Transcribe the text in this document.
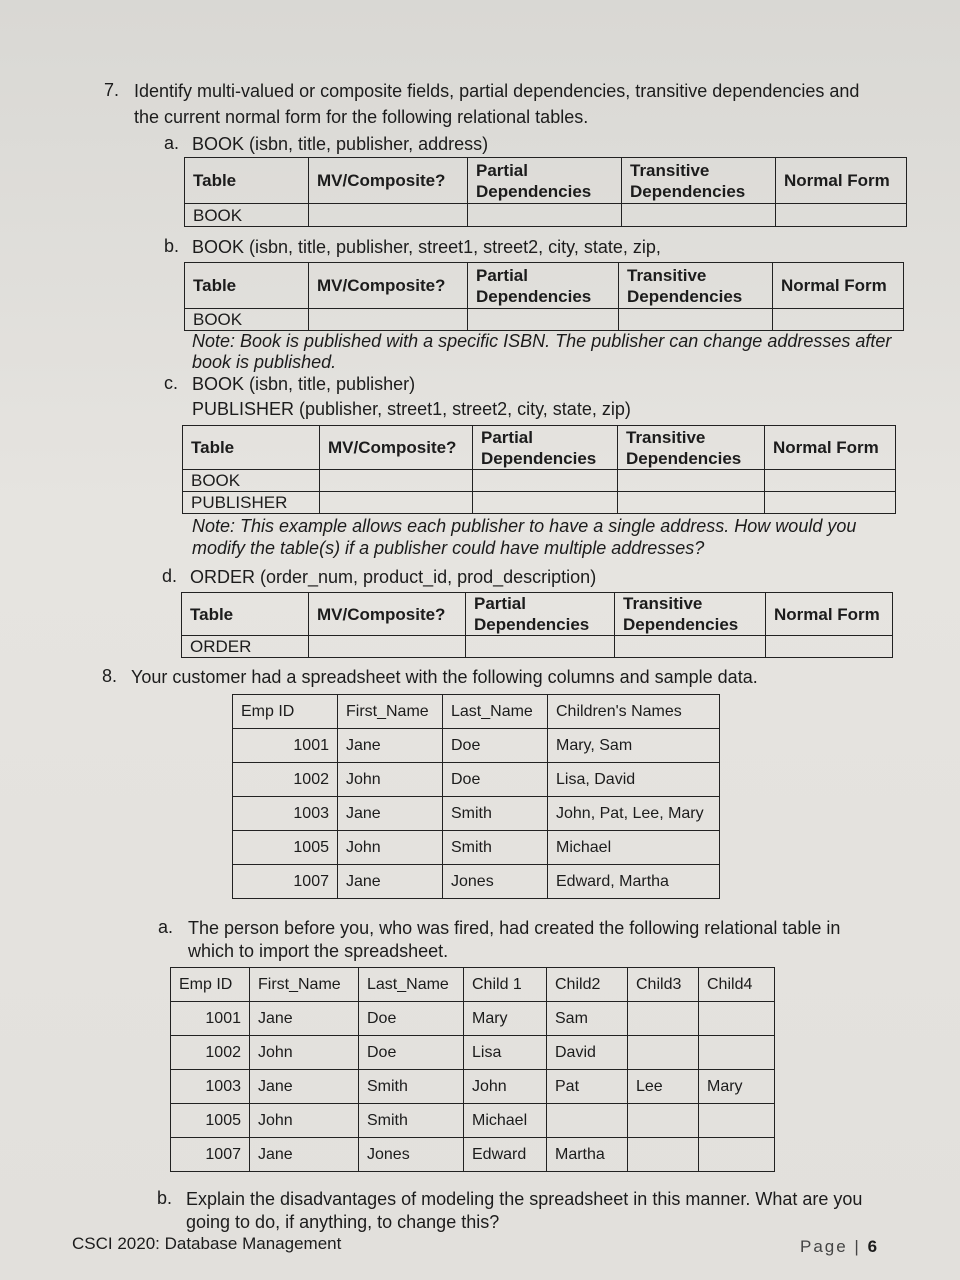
7. Identify multi-valued or composite fields, partial dependencies, transitive dependencies and
the current normal form for the following relational tables.
a. BOOK (isbn, title, publisher, address)
Table	MV/Composite?	Partial Dependencies	Transitive Dependencies	Normal Form
BOOK				
b. BOOK (isbn, title, publisher, street1, street2, city, state, zip,
Table	MV/Composite?	Partial Dependencies	Transitive Dependencies	Normal Form
BOOK				
Note: Book is published with a specific ISBN. The publisher can change addresses after
book is published.
c. BOOK (isbn, title, publisher)
PUBLISHER (publisher, street1, street2, city, state, zip)
Table	MV/Composite?	Partial Dependencies	Transitive Dependencies	Normal Form
BOOK				
PUBLISHER				
Note: This example allows each publisher to have a single address. How would you
modify the table(s) if a publisher could have multiple addresses?
d. ORDER (order_num, product_id, prod_description)
Table	MV/Composite?	Partial Dependencies	Transitive Dependencies	Normal Form
ORDER				
8. Your customer had a spreadsheet with the following columns and sample data.
Emp ID	First_Name	Last_Name	Children's Names
1001	Jane	Doe	Mary, Sam
1002	John	Doe	Lisa, David
1003	Jane	Smith	John, Pat, Lee, Mary
1005	John	Smith	Michael
1007	Jane	Jones	Edward, Martha
a. The person before you, who was fired, had created the following relational table in
which to import the spreadsheet.
Emp ID	First_Name	Last_Name	Child 1	Child2	Child3	Child4
1001	Jane	Doe	Mary	Sam		
1002	John	Doe	Lisa	David		
1003	Jane	Smith	John	Pat	Lee	Mary
1005	John	Smith	Michael			
1007	Jane	Jones	Edward	Martha		
b. Explain the disadvantages of modeling the spreadsheet in this manner. What are you
going to do, if anything, to change this?
CSCI 2020: Database Management	Page | 6
